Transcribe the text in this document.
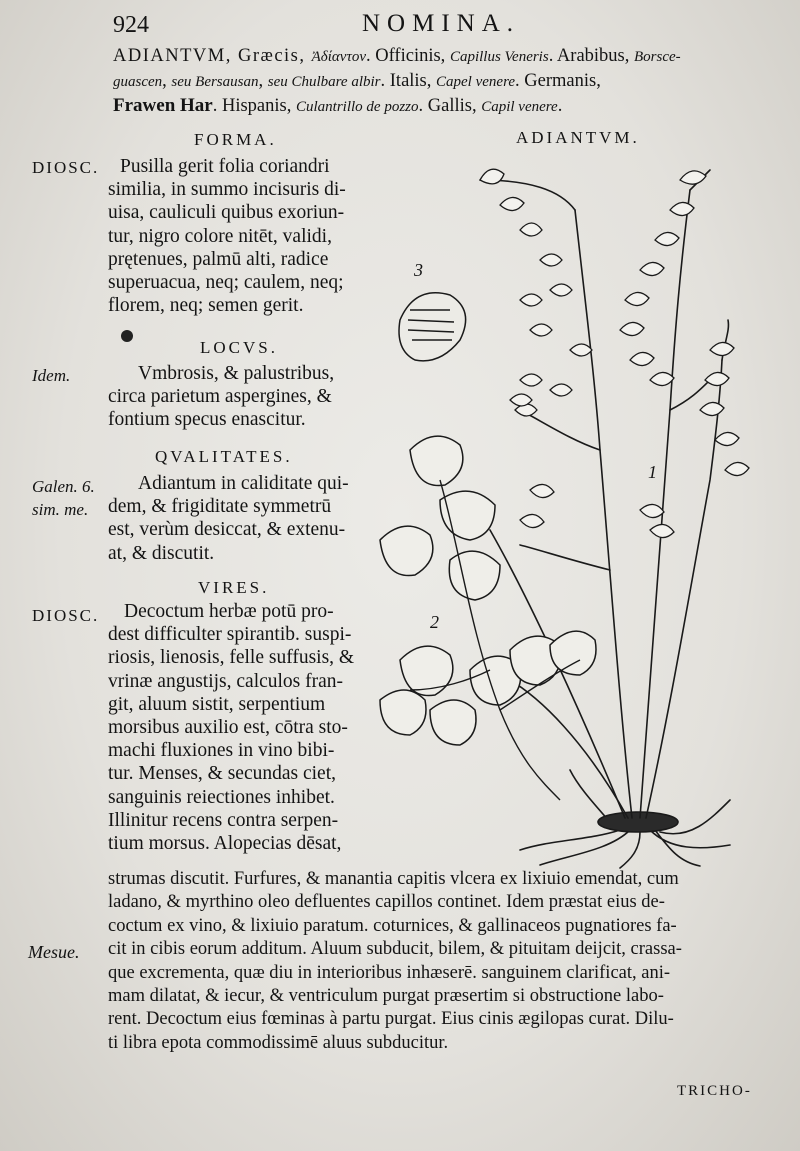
924	NOMINA.
ADIANTVM, Græcis, Ἀδίαντον. Officinis, Capillus Veneris. Arabibus, Borsce-
guascen, seu Bersausan, seu Chulbare albir. Italis, Capel venere. Germanis,
Frawen Har. Hispanis, Culantrillo de pozzo. Gallis, Capil venere.
FORMA.
DIOSC.	Pusilla gerit folia coriandri
similia, in summo incisuris di-
uisa, cauliculi quibus exoriun-
tur, nigro colore nitēt, validi,
prętenues, palmū alti, radice
superuacua, neq; caulem, neq;
florem, neq; semen gerit.
LOCVS.
Idem.	Vmbrosis, & palustribus,
circa parietum aspergines, &
fontium specus enascitur.
QVALITATES.
Galen. 6.
sim. me.
Adiantum in caliditate qui-
dem, & frigiditate symmetrū
est, verùm desiccat, & extenu-
at, & discutit.
VIRES.
DIOSC.	Decoctum herbæ potū pro-
dest difficulter spirantib. suspi-
riosis, lienosis, felle suffusis, &
vrinæ angustijs, calculos fran-
git, aluum sistit, serpentium
morsibus auxilio est, cōtra sto-
machi fluxiones in vino bibi-
tur. Menses, & secundas ciet,
sanguinis reiectiones inhibet.
Illinitur recens contra serpen-
tium morsus. Alopecias dēsat,
Mesue.
strumas discutit. Furfures, & manantia capitis vlcera ex lixiuio emendat, cum
ladano, & myrthino oleo defluentes capillos continet. Idem præstat eius de-
coctum ex vino, & lixiuio paratum. coturnices, & gallinaceos pugnatiores fa-
cit in cibis eorum additum. Aluum subducit, bilem, & pituitam deijcit, crassa-
que excrementa, quæ diu in interioribus inhæserē. sanguinem clarificat, ani-
mam dilatat, & iecur, & ventriculum purgat præsertim si obstructione labo-
rent. Decoctum eius fœminas à partu purgat. Eius cinis ægilopas curat. Dilu-
ti libra epota commodissimē aluus subducitur.
TRICHO-
ADIANTVM.
3
1
2
